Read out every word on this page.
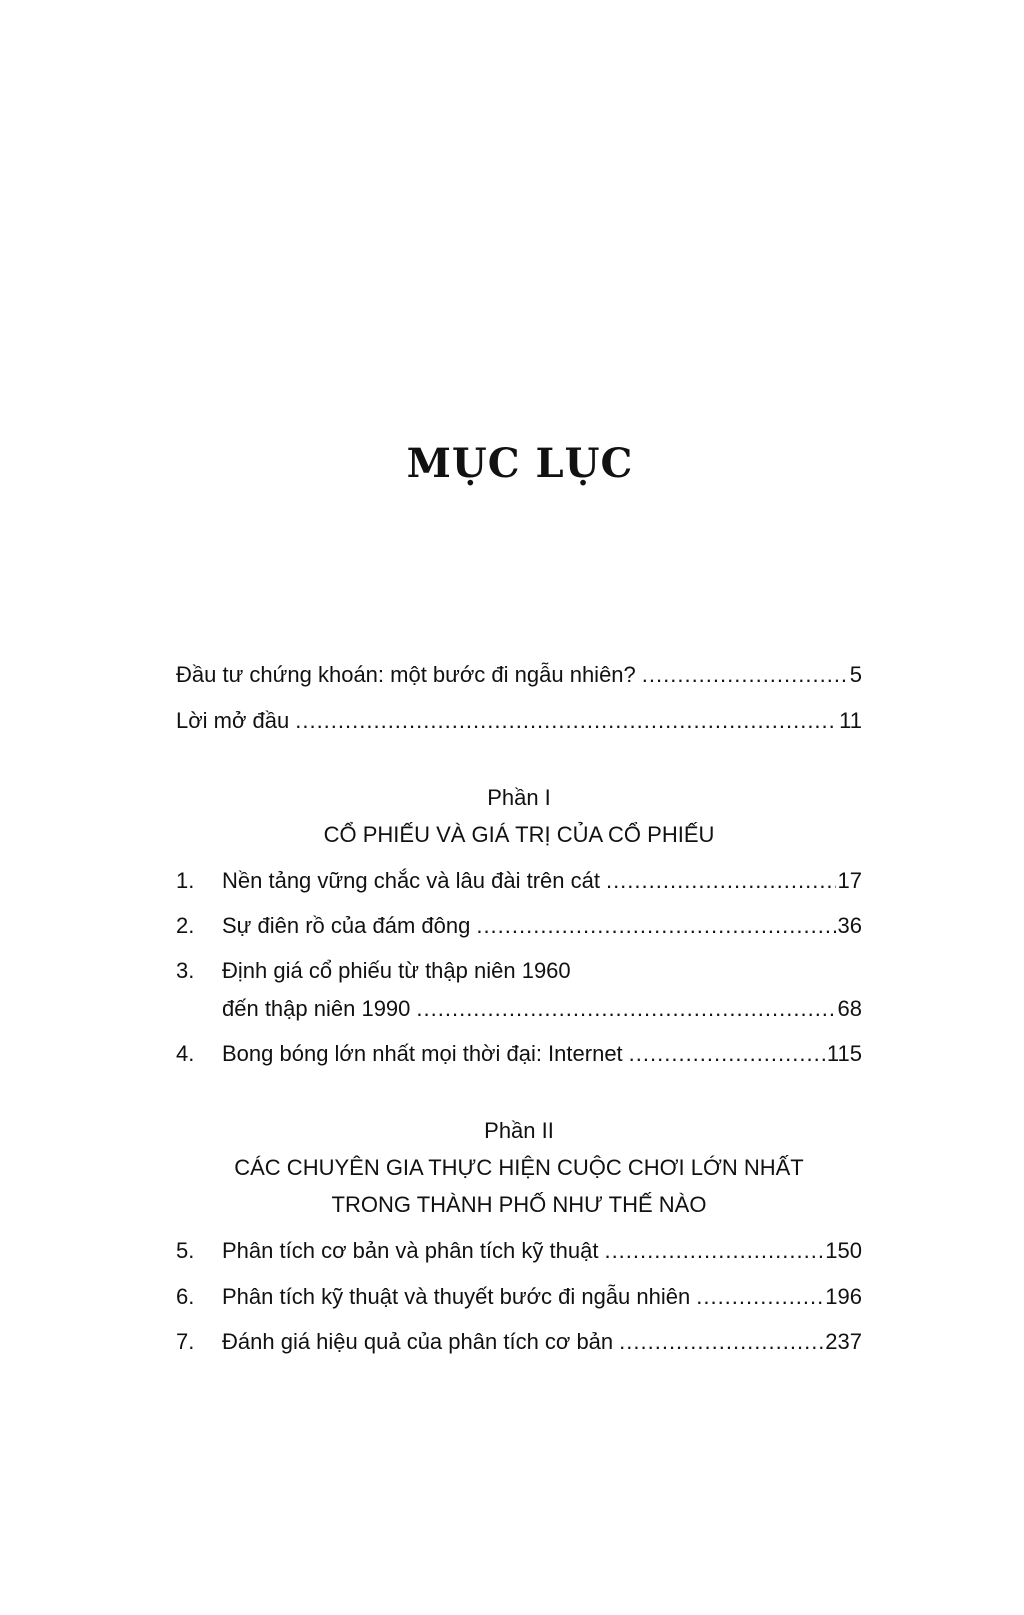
MỤC LỤC
Đầu tư chứng khoán: một bước đi ngẫu nhiên? .....	5
Lời mở đầu .....	11
Phần I
CỔ PHIẾU VÀ GIÁ TRỊ CỦA CỔ PHIẾU
1.	Nền tảng vững chắc và lâu đài trên cát .....	17
2.	Sự điên rồ của đám đông .....	36
3.	Định giá cổ phiếu từ thập niên 1960
đến thập niên 1990 .....	68
4.	Bong bóng lớn nhất mọi thời đại: Internet .....	115
Phần II
CÁC CHUYÊN GIA THỰC HIỆN CUỘC CHƠI LỚN NHẤT
TRONG THÀNH PHỐ NHƯ THẾ NÀO
5.	Phân tích cơ bản và phân tích kỹ thuật .....	150
6.	Phân tích kỹ thuật và thuyết bước đi ngẫu nhiên .....	196
7.	Đánh giá hiệu quả của phân tích cơ bản .....	237
